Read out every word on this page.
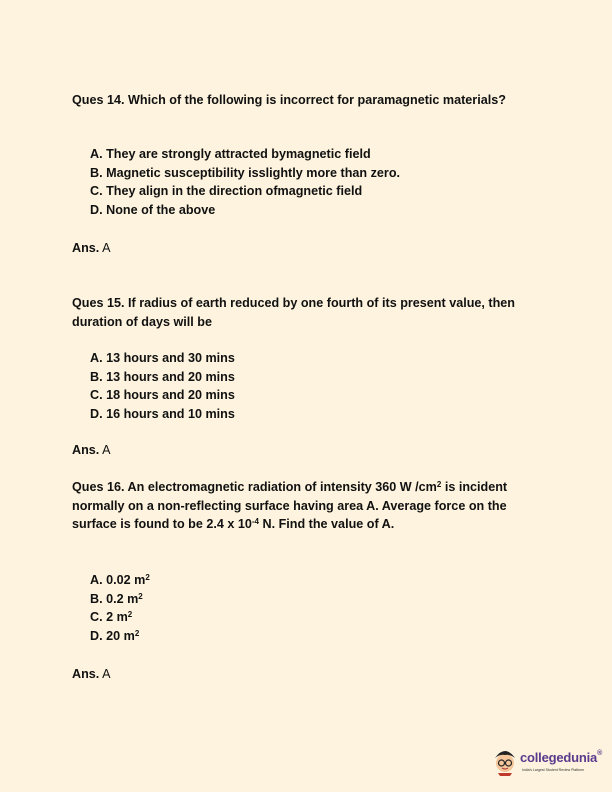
Ques 14. Which of the following is incorrect for paramagnetic materials?

A. They are strongly attracted bymagnetic field
B. Magnetic susceptibility isslightly more than zero.
C. They align in the direction ofmagnetic field
D. None of the above
Ans. A

Ques 15. If radius of earth reduced by one fourth of its present value, then duration of days will be

A. 13 hours and 30 mins
B. 13 hours and 20 mins
C. 18 hours and 20 mins
D. 16 hours and 10 mins
Ans. A

Ques 16. An electromagnetic radiation of intensity 360 W $/cm^2$ is incident normally on a non-reflecting surface having area A. Average force on the surface is found to be 2.4 x $10^{-4}$ N. Find the value of A.

A. 0.02 $m^2$
B. 0.2 $m^2$
C. 2 $m^2$
D. 20 $m^2$
Ans. A
collegedunia®
India's Largest Student Review Platform
